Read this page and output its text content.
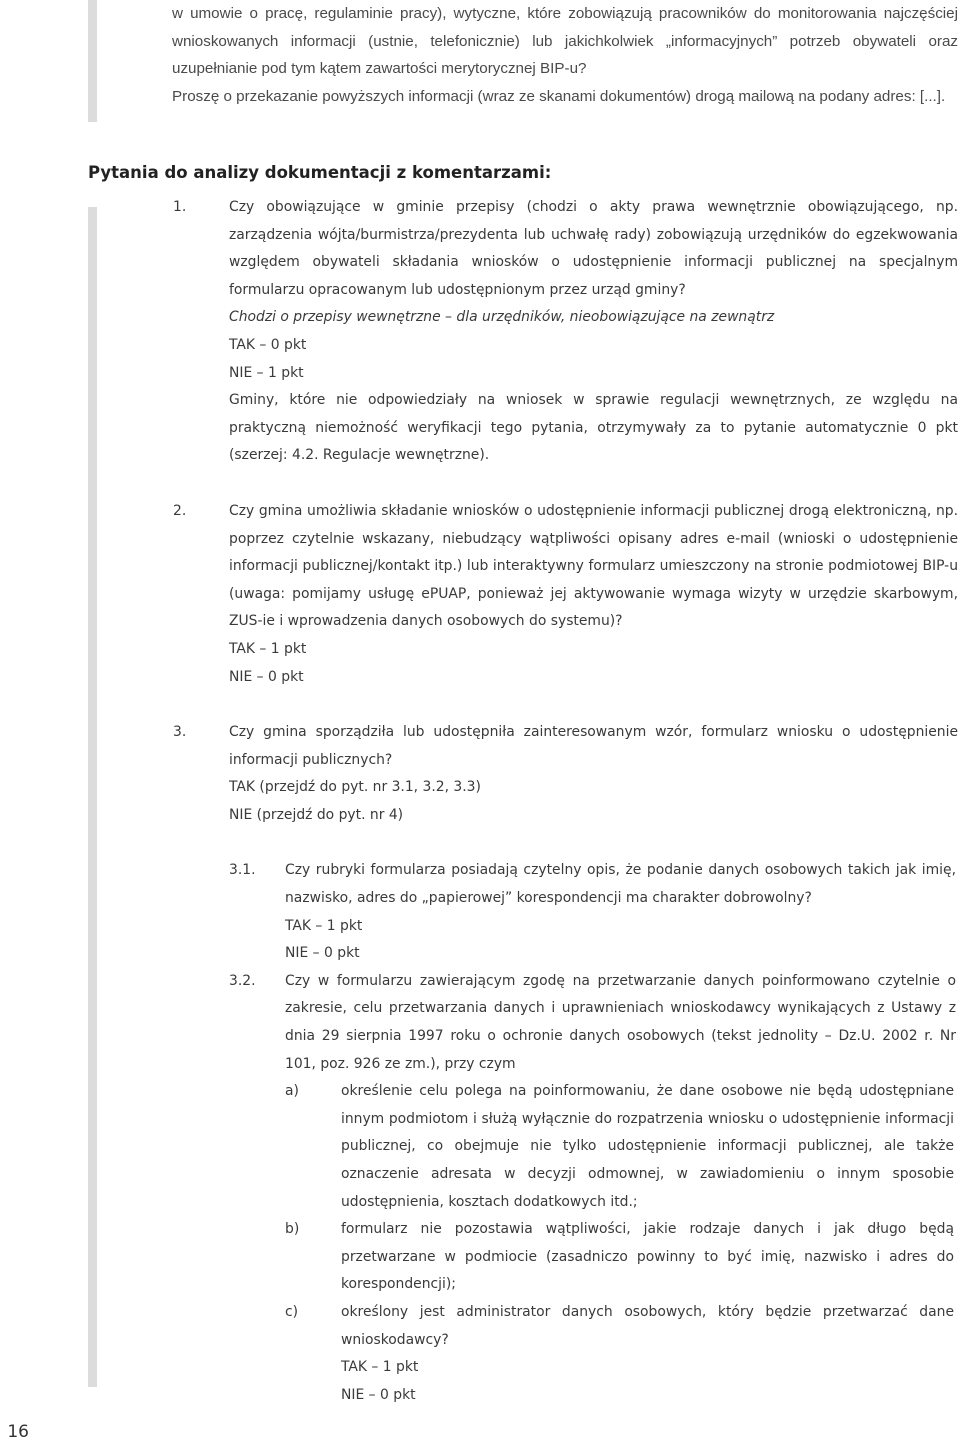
w umowie o pracę, regulaminie pracy), wytyczne, które zobowiązują pracowników do monitorowania najczęściej wnioskowanych informacji (ustnie, telefonicznie) lub jakichkolwiek „informacyjnych” potrzeb obywateli oraz uzupełnianie pod tym kątem zawartości merytorycznej BIP-u?

Proszę o przekazanie powyższych informacji (wraz ze skanami dokumentów) drogą mailową na podany adres: [...].

Pytania do analizy dokumentacji z komentarzami:
1.	Czy obowiązujące w gminie przepisy (chodzi o akty prawa wewnętrznie obowiązującego, np. zarządzenia wójta/burmistrza/prezydenta lub uchwałę rady) zobowiązują urzędników do egzekwowania względem obywateli składania wniosków o udostępnienie informacji publicznej na specjalnym formularzu opracowanym lub udostępnionym przez urząd gminy?

Chodzi o przepisy wewnętrzne – dla urzędników, nieobowiązujące na zewnątrz

TAK – 0 pkt

NIE – 1 pkt

Gminy, które nie odpowiedziały na wniosek w sprawie regulacji wewnętrznych, ze względu na praktyczną niemożność weryfikacji tego pytania, otrzymywały za to pytanie automatycznie 0 pkt (szerzej: 4.2. Regulacje wewnętrzne).

2.	Czy gmina umożliwia składanie wniosków o udostępnienie informacji publicznej drogą elektroniczną, np. poprzez czytelnie wskazany, niebudzący wątpliwości opisany adres e-mail (wnioski o udostępnienie informacji publicznej/kontakt itp.) lub interaktywny formularz umieszczony na stronie podmiotowej BIP-u (uwaga: pomijamy usługę ePUAP, ponieważ jej aktywowanie wymaga wizyty w urzędzie skarbowym, ZUS-ie i wprowadzenia danych osobowych do systemu)?

TAK – 1 pkt

NIE – 0 pkt

3.	Czy gmina sporządziła lub udostępniła zainteresowanym wzór, formularz wniosku o udostępnienie informacji publicznych?

TAK (przejdź do pyt. nr 3.1, 3.2, 3.3)

NIE (przejdź do pyt. nr 4)

3.1. Czy rubryki formularza posiadają czytelny opis, że podanie danych osobowych takich jak imię, nazwisko, adres do „papierowej” korespondencji ma charakter dobrowolny?

TAK – 1 pkt

NIE – 0 pkt

3.2. Czy w formularzu zawierającym zgodę na przetwarzanie danych poinformowano czytelnie o zakresie, celu przetwarzania danych i uprawnieniach wnioskodawcy wynikających z Ustawy z dnia 29 sierpnia 1997 roku o ochronie danych osobowych (tekst jednolity – Dz.U. 2002 r. Nr 101, poz. 926 ze zm.), przy czym

a)	określenie celu polega na poinformowaniu, że dane osobowe nie będą udostępniane innym podmiotom i służą wyłącznie do rozpatrzenia wniosku o udostępnienie informacji publicznej, co obejmuje nie tylko udostępnienie informacji publicznej, ale także oznaczenie adresata w decyzji odmownej, w zawiadomieniu o innym sposobie udostępnienia, kosztach dodatkowych itd.;

b)	formularz nie pozostawia wątpliwości, jakie rodzaje danych i jak długo będą przetwarzane w podmiocie (zasadniczo powinny to być imię, nazwisko i adres do korespondencji);

c)	określony jest administrator danych osobowych, który będzie przetwarzać dane wnioskodawcy?

TAK – 1 pkt

NIE – 0 pkt

16
